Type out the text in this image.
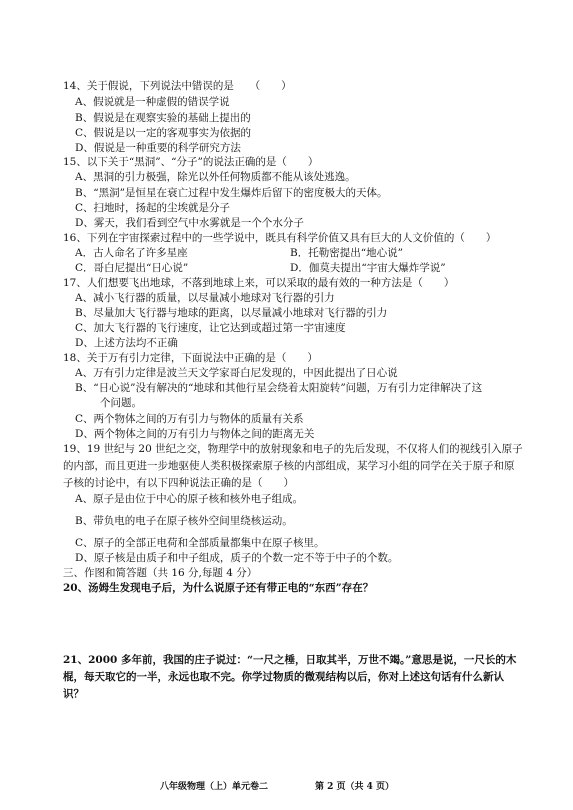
14、关于假说，下列说法中错误的是　　（　　）
A、假说就是一种虚假的错误学说
B、假说是在观察实验的基础上提出的
C、假说是以一定的客观事实为依据的
D、假说是一种重要的科学研究方法
15、以下关于“黑洞”、“分子”的说法正确的是（　　）
A、黑洞的引力极强，除光以外任何物质都不能从该处逃逸。
B、“黑洞”是恒星在衰亡过程中发生爆炸后留下的密度极大的天体。
C、扫地时，扬起的尘埃就是分子
D、雾天，我们看到空气中水雾就是一个个水分子
16、下列在宇宙探索过程中的一些学说中，既具有科学价值又具有巨大的人文价值的（　　）
A．古人命名了许多星座	B．托勒密提出“地心说”
C．哥白尼提出“日心说”	D．伽莫夫提出“宇宙大爆炸学说”
17、人们想要飞出地球，不落到地球上来，可以采取的最有效的一种方法是（　　）
A、减小飞行器的质量，以尽量减小地球对飞行器的引力
B、尽量加大飞行器与地球的距离，以尽量减小地球对飞行器的引力
C、加大飞行器的飞行速度，让它达到或超过第一宇宙速度
D、上述方法均不正确
18、关于万有引力定律，下面说法中正确的是（　　）
A、万有引力定律是波兰天文学家哥白尼发现的，中因此提出了日心说
B、“日心说”没有解决的“地球和其他行星会绕着太阳旋转”问题，万有引力定律解决了这
个问题。
C、两个物体之间的万有引力与物体的质量有关系
D、两个物体之间的万有引力与物体之间的距离无关
19、19 世纪与 20 世纪之交，物理学中的放射现象和电子的先后发现，不仅将人们的视线引入原子的内部，而且更进一步地驱使人类积极探索原子核的内部组成，某学习小组的同学在关于原子和原子核的讨论中，有以下四种说法正确的是（　　）
A、原子是由位于中心的原子核和核外电子组成。
B、带负电的电子在原子核外空间里绕核运动。
C、原子的全部正电荷和全部质量都集中在原子核里。
D、原子核是由质子和中子组成，质子的个数一定不等于中子的个数。
三、作图和简答题（共 16 分,每题 4 分）
20、汤姆生发现电子后，为什么说原子还有带正电的“东西”存在？
21、2000 多年前，我国的庄子说过：“一尺之棰，日取其半，万世不竭。”意思是说，一尺长的木棍，每天取它的一半，永远也取不完。你学过物质的微观结构以后，你对上述这句话有什么新认识？
八年级物理（上）单元卷二	第 2 页（共 4 页）
